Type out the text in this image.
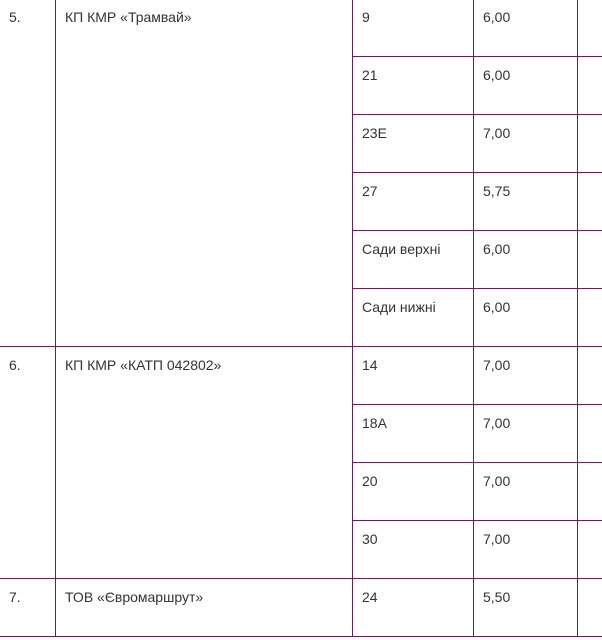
5.	КП КМР «Трамвай»	9	6,00	
		21	6,00	
		23Е	7,00	
		27	5,75	
		Сади верхні	6,00	
		Сади нижні	6,00	
6.	КП КМР «КАТП 042802»	14	7,00	
		18А	7,00	
		20	7,00	
		30	7,00	
7.	ТОВ «Євромаршрут»	24	5,50	
